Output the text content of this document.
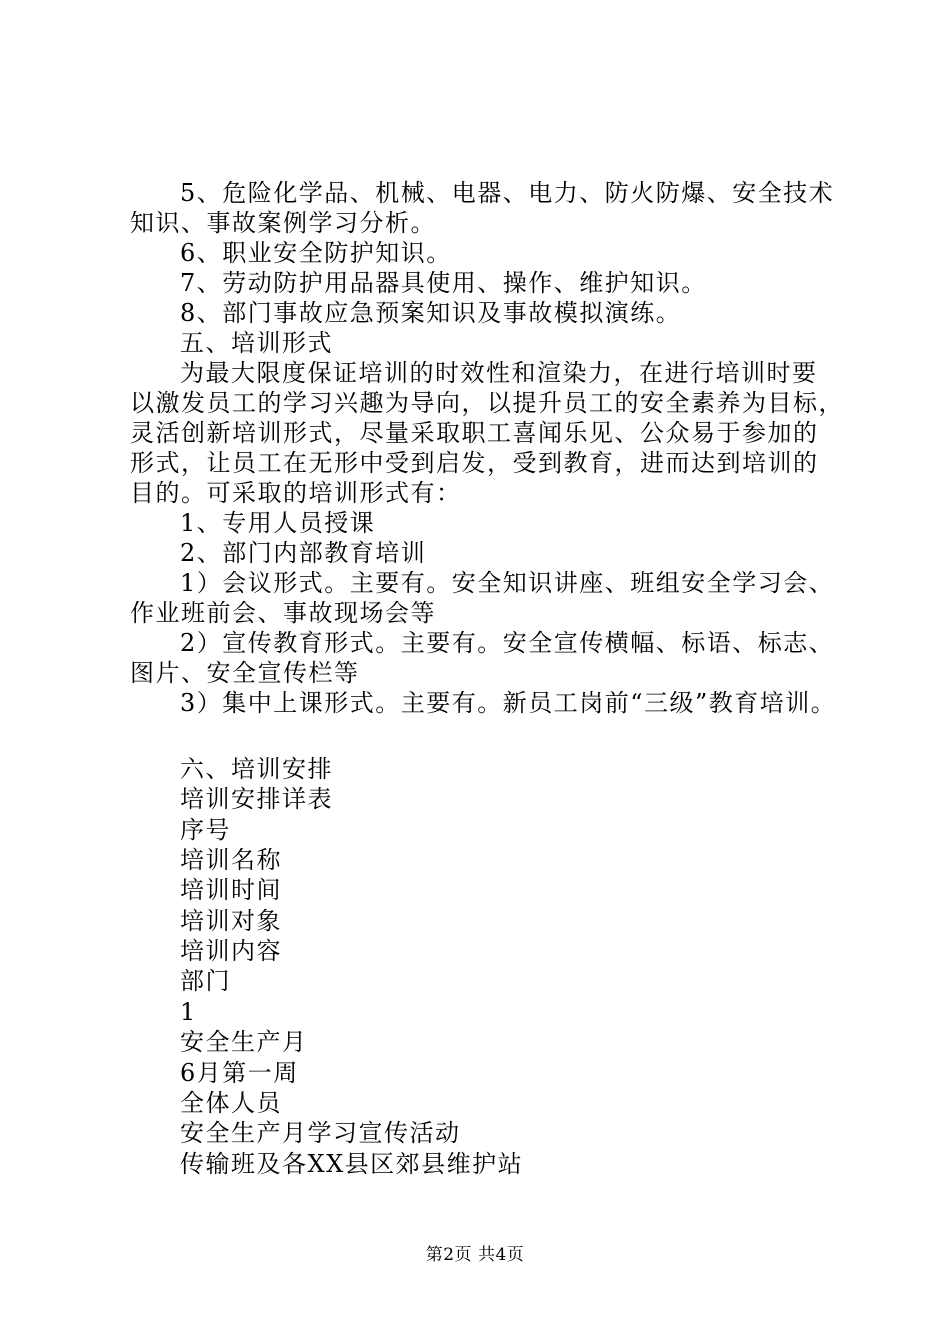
5、危险化学品、机械、电器、电力、防火防爆、安全技术
知识、事故案例学习分析。
6、职业安全防护知识。
7、劳动防护用品器具使用、操作、维护知识。
8、部门事故应急预案知识及事故模拟演练。
五、培训形式
为最大限度保证培训的时效性和渲染力，在进行培训时要
以激发员工的学习兴趣为导向，以提升员工的安全素养为目标，
灵活创新培训形式，尽量采取职工喜闻乐见、公众易于参加的
形式，让员工在无形中受到启发，受到教育，进而达到培训的
目的。可采取的培训形式有：
1、专用人员授课
2、部门内部教育培训
1）会议形式。主要有。安全知识讲座、班组安全学习会、
作业班前会、事故现场会等
2）宣传教育形式。主要有。安全宣传横幅、标语、标志、
图片、安全宣传栏等
3）集中上课形式。主要有。新员工岗前“三级”教育培训。
六、培训安排
培训安排详表
序号
培训名称
培训时间
培训对象
培训内容
部门
1
安全生产月
6月第一周
全体人员
安全生产月学习宣传活动
传输班及各XX县区郊县维护站
第2页 共4页
